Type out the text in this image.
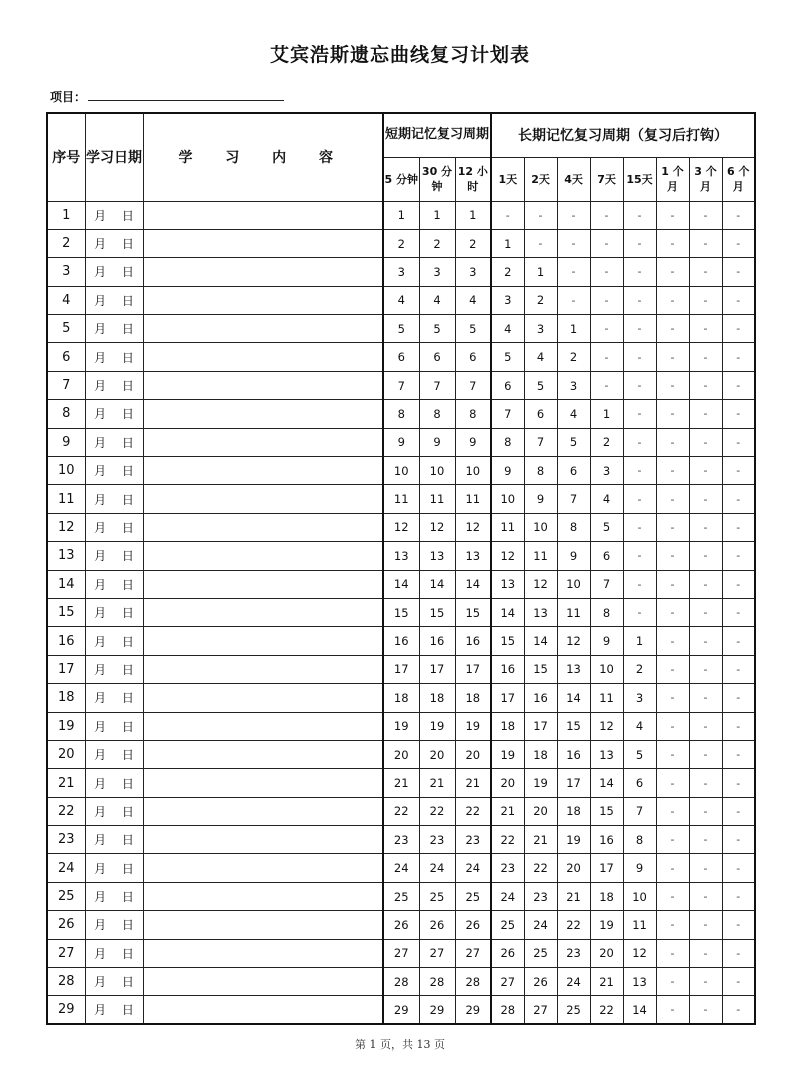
艾宾浩斯遗忘曲线复习计划表
项目：
序号	学习日期	学 习 内 容	短期记忆复习周期			长期记忆复习周期（复习后打钩）							
			5 分钟	30 分钟	12 小时	1天	2天	4天	7天	15天	1 个月	3 个月	6 个月
1	月 日		1	1	1	-	-	-	-	-	-	-	-
2	月 日		2	2	2	1	-	-	-	-	-	-	-
3	月 日		3	3	3	2	1	-	-	-	-	-	-
4	月 日		4	4	4	3	2	-	-	-	-	-	-
5	月 日		5	5	5	4	3	1	-	-	-	-	-
6	月 日		6	6	6	5	4	2	-	-	-	-	-
7	月 日		7	7	7	6	5	3	-	-	-	-	-
8	月 日		8	8	8	7	6	4	1	-	-	-	-
9	月 日		9	9	9	8	7	5	2	-	-	-	-
10	月 日		10	10	10	9	8	6	3	-	-	-	-
11	月 日		11	11	11	10	9	7	4	-	-	-	-
12	月 日		12	12	12	11	10	8	5	-	-	-	-
13	月 日		13	13	13	12	11	9	6	-	-	-	-
14	月 日		14	14	14	13	12	10	7	-	-	-	-
15	月 日		15	15	15	14	13	11	8	-	-	-	-
16	月 日		16	16	16	15	14	12	9	1	-	-	-
17	月 日		17	17	17	16	15	13	10	2	-	-	-
18	月 日		18	18	18	17	16	14	11	3	-	-	-
19	月 日		19	19	19	18	17	15	12	4	-	-	-
20	月 日		20	20	20	19	18	16	13	5	-	-	-
21	月 日		21	21	21	20	19	17	14	6	-	-	-
22	月 日		22	22	22	21	20	18	15	7	-	-	-
23	月 日		23	23	23	22	21	19	16	8	-	-	-
24	月 日		24	24	24	23	22	20	17	9	-	-	-
25	月 日		25	25	25	24	23	21	18	10	-	-	-
26	月 日		26	26	26	25	24	22	19	11	-	-	-
27	月 日		27	27	27	26	25	23	20	12	-	-	-
28	月 日		28	28	28	27	26	24	21	13	-	-	-
29	月 日		29	29	29	28	27	25	22	14	-	-	-
第 1 页，共 13 页
